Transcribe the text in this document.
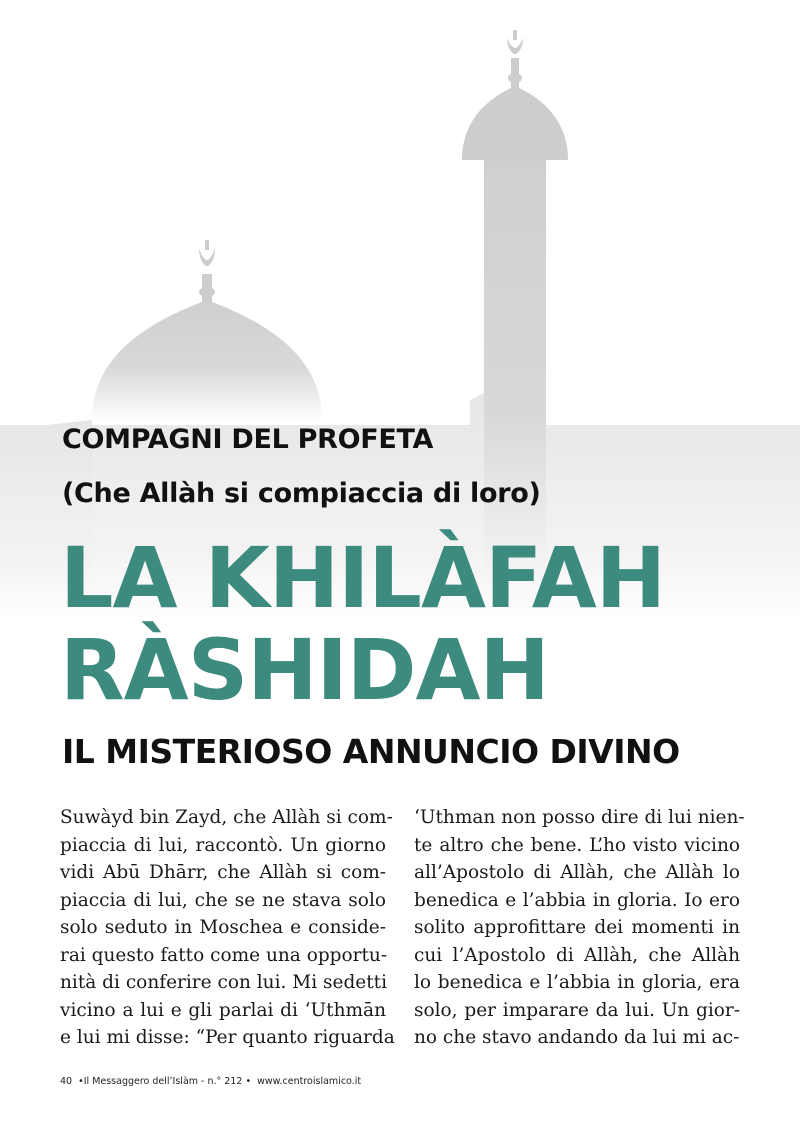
COMPAGNI DEL PROFETA
(Che Allàh si compiaccia di loro)
LA KHILÀFAH
RÀSHIDAH
IL MISTERIOSO ANNUNCIO DIVINO
Suwàyd bin Zayd, che Allàh si com-
piaccia di lui, raccontò. Un giorno
vidi Abū Dhārr, che Allàh si com-
piaccia di lui, che se ne stava solo
solo seduto in Moschea e conside-
rai questo fatto come una opportu-
nità di conferire con lui. Mi sedetti
vicino a lui e gli parlai di ‘Uthmān
e lui mi disse: “Per quanto riguarda
‘Uthman non posso dire di lui nien-
te altro che bene. L’ho visto vicino
all’Apostolo di Allàh, che Allàh lo
benedica e l’abbia in gloria. Io ero
solito approfittare dei momenti in
cui l’Apostolo di Allàh, che Allàh
lo benedica e l’abbia in gloria, era
solo, per imparare da lui. Un gior-
no che stavo andando da lui mi ac-
40 •Il Messaggero dell’Islàm - n.° 212 • www.centroislamico.it
